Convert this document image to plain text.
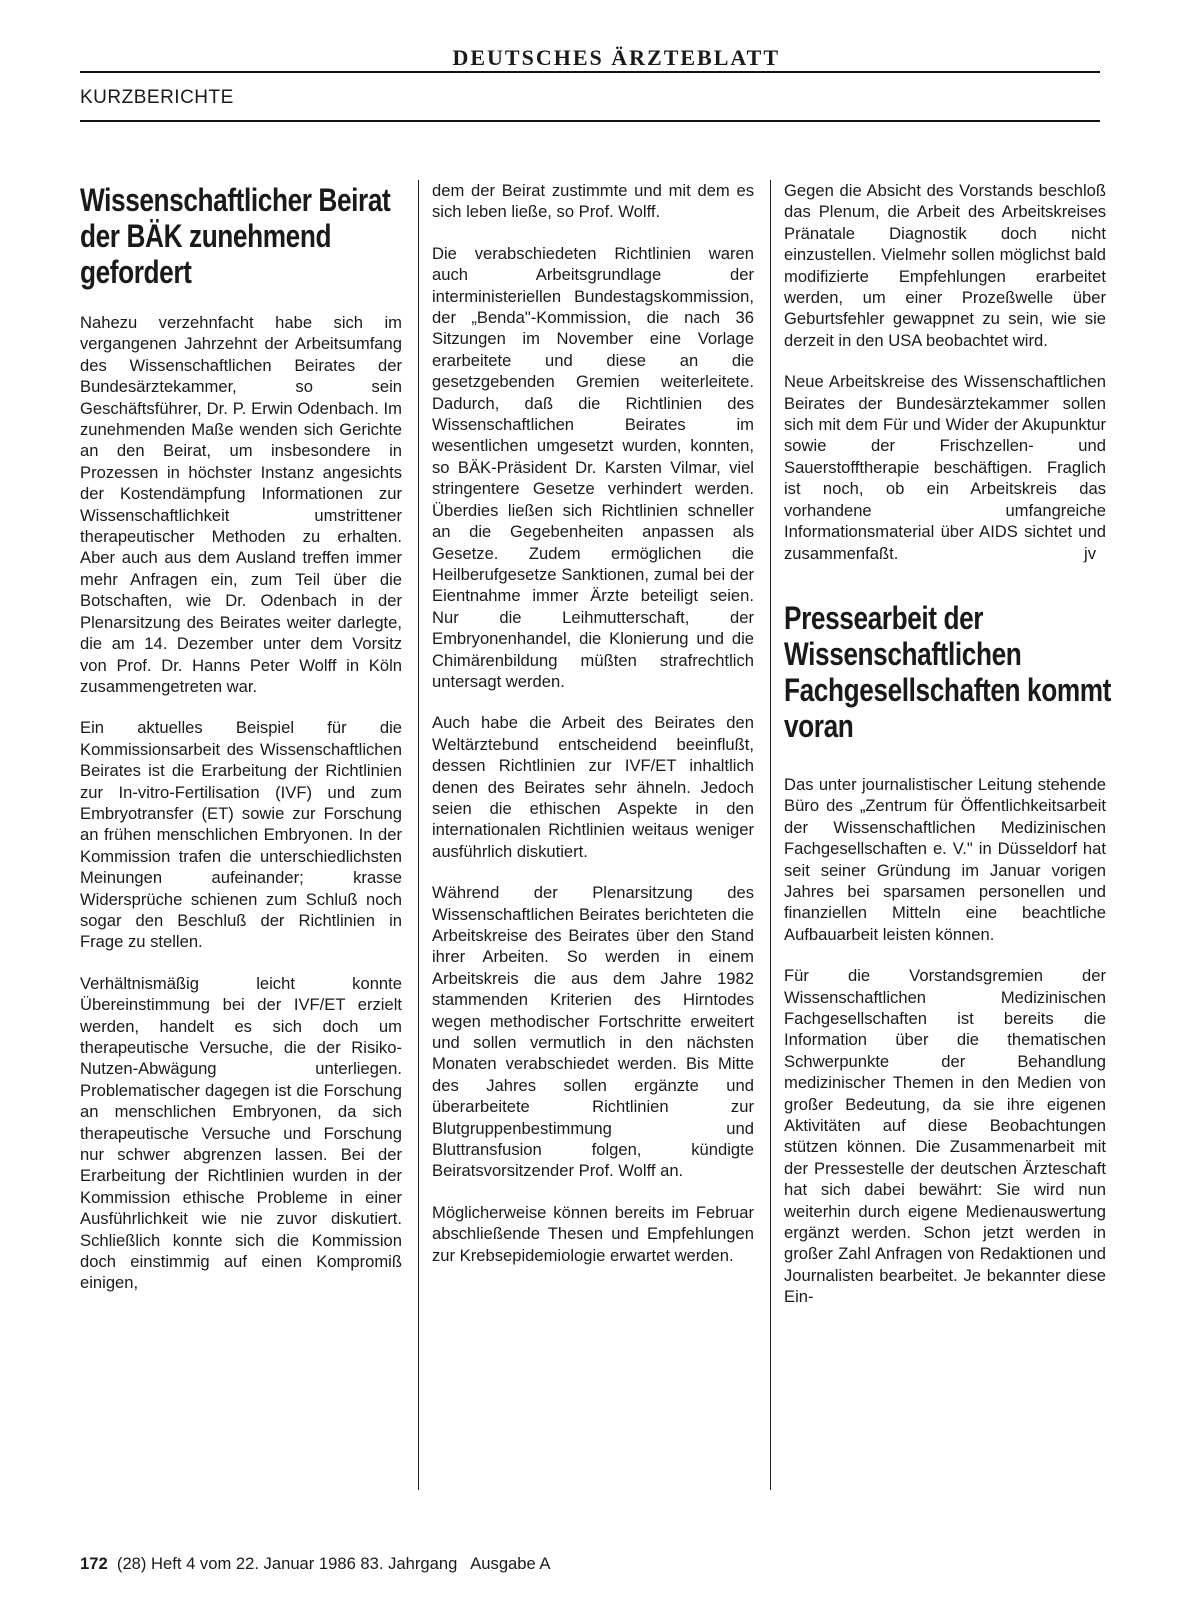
DEUTSCHES ÄRZTEBLATT
KURZBERICHTE
Wissenschaftlicher Beirat der BÄK zunehmend gefordert

Nahezu verzehnfacht habe sich im vergangenen Jahrzehnt der Arbeitsumfang des Wissenschaftlichen Beirates der Bundesärztekammer, so sein Geschäftsführer, Dr. P. Erwin Odenbach. Im zunehmenden Maße wenden sich Gerichte an den Beirat, um insbesondere in Prozessen in höchster Instanz angesichts der Kostendämpfung Informationen zur Wissenschaftlichkeit umstrittener therapeutischer Methoden zu erhalten. Aber auch aus dem Ausland treffen immer mehr Anfragen ein, zum Teil über die Botschaften, wie Dr. Odenbach in der Plenarsitzung des Beirates weiter darlegte, die am 14. Dezember unter dem Vorsitz von Prof. Dr. Hanns Peter Wolff in Köln zusammengetreten war.

Ein aktuelles Beispiel für die Kommissionsarbeit des Wissenschaftlichen Beirates ist die Erarbeitung der Richtlinien zur In-vitro-Fertilisation (IVF) und zum Embryotransfer (ET) sowie zur Forschung an frühen menschlichen Embryonen. In der Kommission trafen die unterschiedlichsten Meinungen aufeinander; krasse Widersprüche schienen zum Schluß noch sogar den Beschluß der Richtlinien in Frage zu stellen.

Verhältnismäßig leicht konnte Übereinstimmung bei der IVF/ET erzielt werden, handelt es sich doch um therapeutische Versuche, die der Risiko-Nutzen-Abwägung unterliegen. Problematischer dagegen ist die Forschung an menschlichen Embryonen, da sich therapeutische Versuche und Forschung nur schwer abgrenzen lassen. Bei der Erarbeitung der Richtlinien wurden in der Kommission ethische Probleme in einer Ausführlichkeit wie nie zuvor diskutiert. Schließlich konnte sich die Kommission doch einstimmig auf einen Kompromiß einigen,

dem der Beirat zustimmte und mit dem es sich leben ließe, so Prof. Wolff.

Die verabschiedeten Richtlinien waren auch Arbeitsgrundlage der interministeriellen Bundestagskommission, der „Benda"-Kommission, die nach 36 Sitzungen im November eine Vorlage erarbeitete und diese an die gesetzgebenden Gremien weiterleitete. Dadurch, daß die Richtlinien des Wissenschaftlichen Beirates im wesentlichen umgesetzt wurden, konnten, so BÄK-Präsident Dr. Karsten Vilmar, viel stringentere Gesetze verhindert werden. Überdies ließen sich Richtlinien schneller an die Gegebenheiten anpassen als Gesetze. Zudem ermöglichen die Heilberufgesetze Sanktionen, zumal bei der Eientnahme immer Ärzte beteiligt seien. Nur die Leihmutterschaft, der Embryonenhandel, die Klonierung und die Chimärenbildung müßten strafrechtlich untersagt werden.

Auch habe die Arbeit des Beirates den Weltärztebund entscheidend beeinflußt, dessen Richtlinien zur IVF/ET inhaltlich denen des Beirates sehr ähneln. Jedoch seien die ethischen Aspekte in den internationalen Richtlinien weitaus weniger ausführlich diskutiert.

Während der Plenarsitzung des Wissenschaftlichen Beirates berichteten die Arbeitskreise des Beirates über den Stand ihrer Arbeiten. So werden in einem Arbeitskreis die aus dem Jahre 1982 stammenden Kriterien des Hirntodes wegen methodischer Fortschritte erweitert und sollen vermutlich in den nächsten Monaten verabschiedet werden. Bis Mitte des Jahres sollen ergänzte und überarbeitete Richtlinien zur Blutgruppenbestimmung und Bluttransfusion folgen, kündigte Beiratsvorsitzender Prof. Wolff an.

Möglicherweise können bereits im Februar abschließende Thesen und Empfehlungen zur Krebsepidemiologie erwartet werden.

Gegen die Absicht des Vorstands beschloß das Plenum, die Arbeit des Arbeitskreises Pränatale Diagnostik doch nicht einzustellen. Vielmehr sollen möglichst bald modifizierte Empfehlungen erarbeitet werden, um einer Prozeßwelle über Geburtsfehler gewappnet zu sein, wie sie derzeit in den USA beobachtet wird.

Neue Arbeitskreise des Wissenschaftlichen Beirates der Bundesärztekammer sollen sich mit dem Für und Wider der Akupunktur sowie der Frischzellen- und Sauerstofftherapie beschäftigen. Fraglich ist noch, ob ein Arbeitskreis das vorhandene umfangreiche Informationsmaterial über AIDS sichtet und zusammenfaßt.	jv

Pressearbeit der Wissenschaftlichen Fachgesellschaften kommt voran

Das unter journalistischer Leitung stehende Büro des „Zentrum für Öffentlichkeitsarbeit der Wissenschaftlichen Medizinischen Fachgesellschaften e. V." in Düsseldorf hat seit seiner Gründung im Januar vorigen Jahres bei sparsamen personellen und finanziellen Mitteln eine beachtliche Aufbauarbeit leisten können.

Für die Vorstandsgremien der Wissenschaftlichen Medizinischen Fachgesellschaften ist bereits die Information über die thematischen Schwerpunkte der Behandlung medizinischer Themen in den Medien von großer Bedeutung, da sie ihre eigenen Aktivitäten auf diese Beobachtungen stützen können. Die Zusammenarbeit mit der Pressestelle der deutschen Ärzteschaft hat sich dabei bewährt: Sie wird nun weiterhin durch eigene Medienauswertung ergänzt werden. Schon jetzt werden in großer Zahl Anfragen von Redaktionen und Journalisten bearbeitet. Je bekannter diese Ein-

172 (28) Heft 4 vom 22. Januar 1986 83. Jahrgang   Ausgabe A
